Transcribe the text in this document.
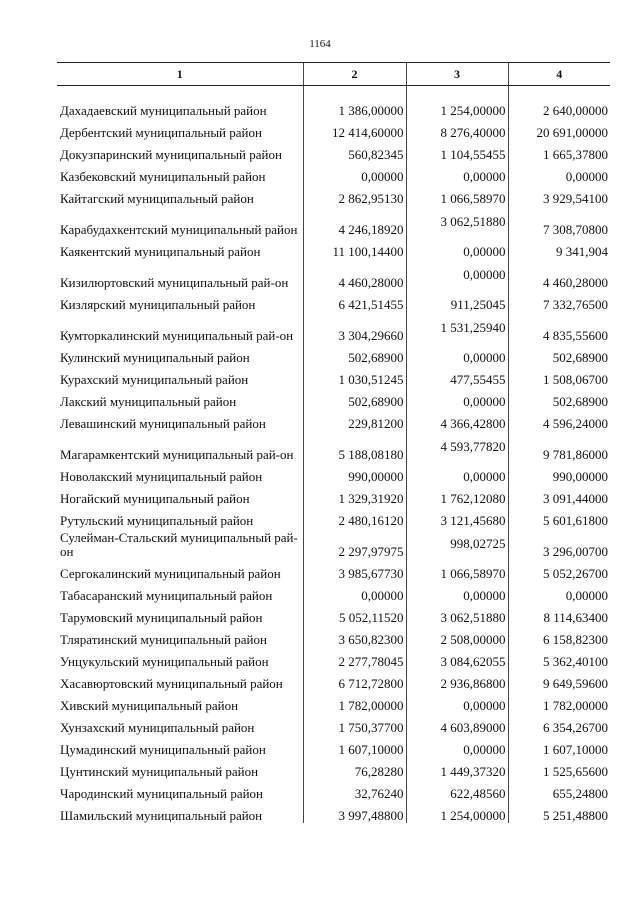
1164
1	2	3	4

Дахадаевский муниципальный район	1 386,00000	1 254,00000	2 640,00000
Дербентский муниципальный район	12 414,60000	8 276,40000	20 691,00000
Докузпаринский муниципальный район	560,82345	1 104,55455	1 665,37800
Казбековский муниципальный район	0,00000	0,00000	0,00000
Кайтагский муниципальный район	2 862,95130	1 066,58970	3 929,54100
Карабудахкентский муниципальный район	4 246,18920	3 062,51880	7 308,70800
Каякентский муниципальный район	11 100,14400	0,00000	9 341,904
Кизилюртовский муниципальный рай-он	4 460,28000	0,00000	4 460,28000
Кизлярский муниципальный район	6 421,51455	911,25045	7 332,76500
Кумторкалинский муниципальный рай-он	3 304,29660	1 531,25940	4 835,55600
Кулинский муниципальный район	502,68900	0,00000	502,68900
Курахский муниципальный район	1 030,51245	477,55455	1 508,06700
Лакский муниципальный район	502,68900	0,00000	502,68900
Левашинский муниципальный район	229,81200	4 366,42800	4 596,24000
Магарамкентский муниципальный рай-он	5 188,08180	4 593,77820	9 781,86000
Новолакский муниципальный район	990,00000	0,00000	990,00000
Ногайский муниципальный район	1 329,31920	1 762,12080	3 091,44000
Рутульский муниципальный район	2 480,16120	3 121,45680	5 601,61800
Сулейман-Стальский муниципальный рай-он	2 297,97975	998,02725	3 296,00700
Сергокалинский муниципальный район	3 985,67730	1 066,58970	5 052,26700
Табасаранский муниципальный район	0,00000	0,00000	0,00000
Тарумовский муниципальный район	5 052,11520	3 062,51880	8 114,63400
Тляратинский муниципальный район	3 650,82300	2 508,00000	6 158,82300
Унцукульский муниципальный район	2 277,78045	3 084,62055	5 362,40100
Хасавюртовский муниципальный район	6 712,72800	2 936,86800	9 649,59600
Хивский муниципальный район	1 782,00000	0,00000	1 782,00000
Хунзахский муниципальный район	1 750,37700	4 603,89000	6 354,26700
Цумадинский муниципальный район	1 607,10000	0,00000	1 607,10000
Цунтинский муниципальный район	76,28280	1 449,37320	1 525,65600
Чародинский муниципальный район	32,76240	622,48560	655,24800
Шамильский муниципальный район	3 997,48800	1 254,00000	5 251,48800
